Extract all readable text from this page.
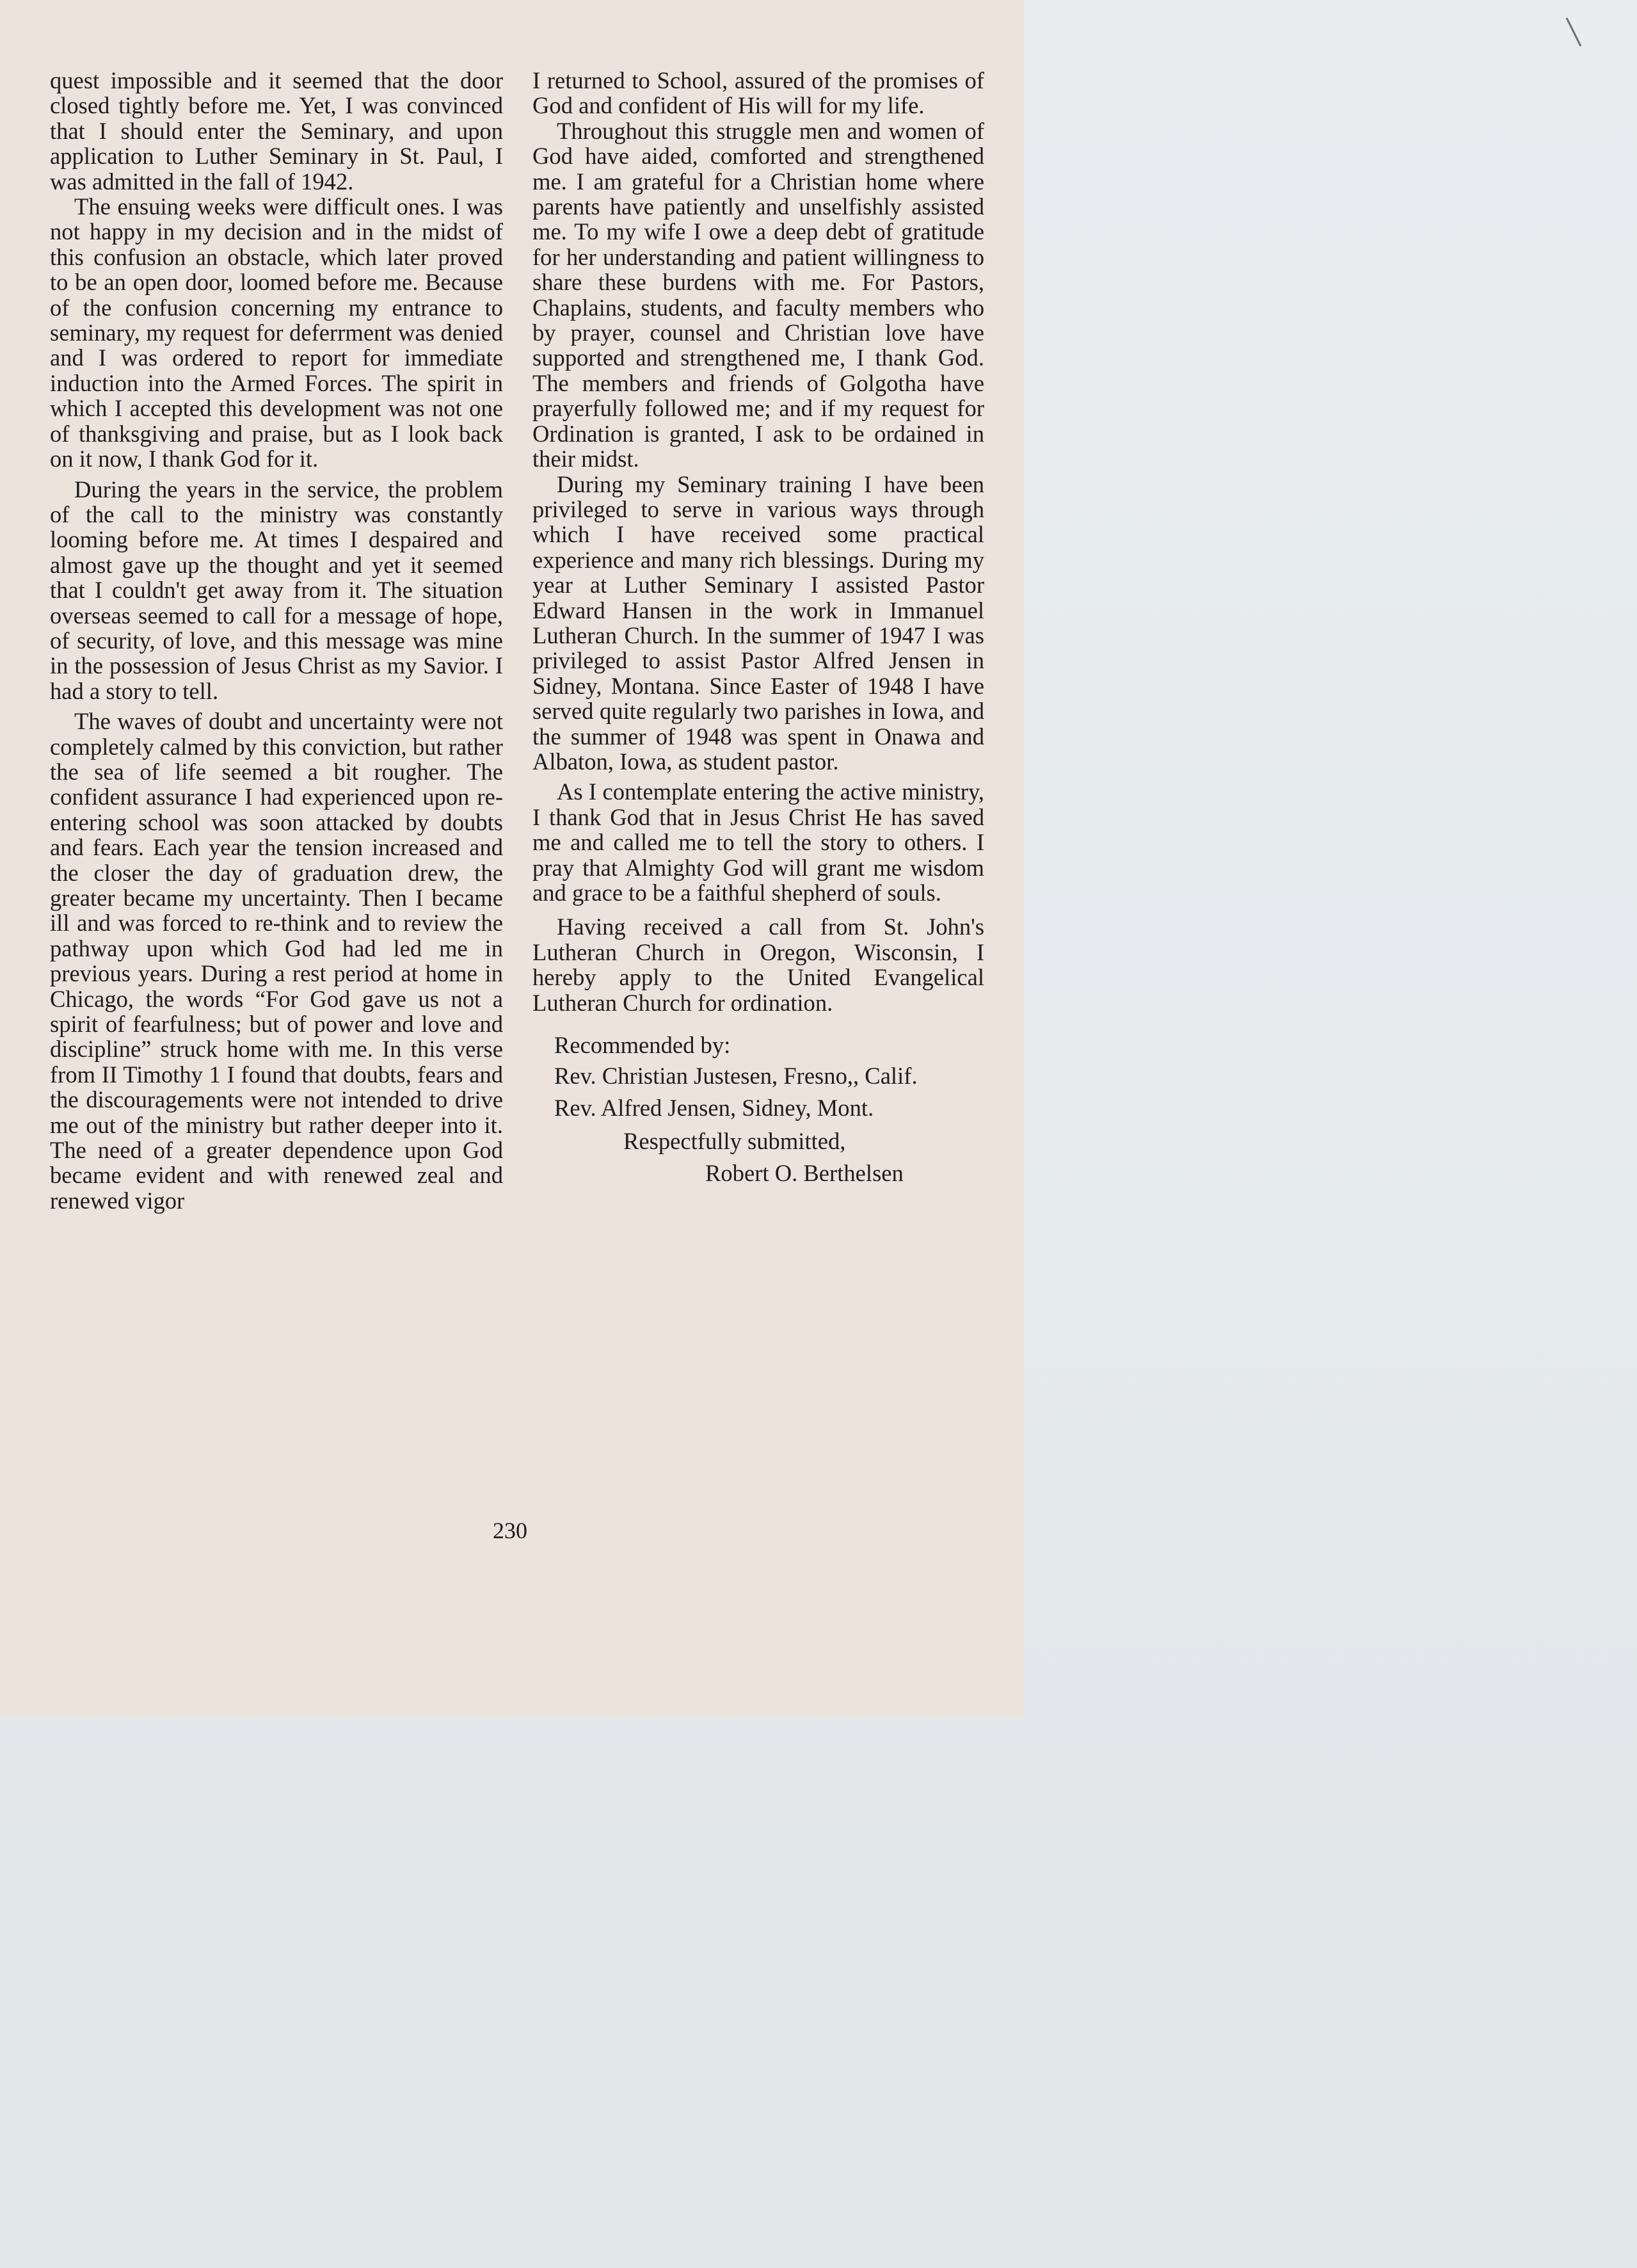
quest impossible and it seemed that the door closed tightly before me. Yet, I was convinced that I should enter the Seminary, and upon application to Luther Seminary in St. Paul, I was admitted in the fall of 1942.

The ensuing weeks were difficult ones. I was not happy in my decision and in the midst of this confusion an obstacle, which later proved to be an open door, loomed before me. Because of the confusion concerning my entrance to seminary, my request for deferrment was denied and I was ordered to report for immediate induction into the Armed Forces. The spirit in which I accepted this development was not one of thanksgiving and praise, but as I look back on it now, I thank God for it.

During the years in the service, the problem of the call to the ministry was constantly looming before me. At times I despaired and almost gave up the thought and yet it seemed that I couldn't get away from it. The situation overseas seemed to call for a message of hope, of security, of love, and this message was mine in the possession of Jesus Christ as my Savior. I had a story to tell.

The waves of doubt and uncertainty were not completely calmed by this conviction, but rather the sea of life seemed a bit rougher. The confident assurance I had experienced upon re-entering school was soon attacked by doubts and fears. Each year the tension increased and the closer the day of graduation drew, the greater became my uncertainty. Then I became ill and was forced to re-think and to review the pathway upon which God had led me in previous years. During a rest period at home in Chicago, the words “For God gave us not a spirit of fearfulness; but of power and love and discipline” struck home with me. In this verse from II Timothy 1 I found that doubts, fears and the discouragements were not intended to drive me out of the ministry but rather deeper into it. The need of a greater dependence upon God became evident and with renewed zeal and renewed vigor

I returned to School, assured of the promises of God and confident of His will for my life.

Throughout this struggle men and women of God have aided, comforted and strengthened me. I am grateful for a Christian home where parents have patiently and unselfishly assisted me. To my wife I owe a deep debt of gratitude for her understanding and patient willingness to share these burdens with me. For Pastors, Chaplains, students, and faculty members who by prayer, counsel and Christian love have supported and strengthened me, I thank God. The members and friends of Golgotha have prayerfully followed me; and if my request for Ordination is granted, I ask to be ordained in their midst.

During my Seminary training I have been privileged to serve in various ways through which I have received some practical experience and many rich blessings. During my year at Luther Seminary I assisted Pastor Edward Hansen in the work in Immanuel Lutheran Church. In the summer of 1947 I was privileged to assist Pastor Alfred Jensen in Sidney, Montana. Since Easter of 1948 I have served quite regularly two parishes in Iowa, and the summer of 1948 was spent in Onawa and Albaton, Iowa, as student pastor.

As I contemplate entering the active ministry, I thank God that in Jesus Christ He has saved me and called me to tell the story to others. I pray that Almighty God will grant me wisdom and grace to be a faithful shepherd of souls.

Having received a call from St. John's Lutheran Church in Oregon, Wisconsin, I hereby apply to the United Evangelical Lutheran Church for ordination.

Recommended by:
Rev. Christian Justesen, Fresno,, Calif.
Rev. Alfred Jensen, Sidney, Mont.
Respectfully submitted,
Robert O. Berthelsen
230
